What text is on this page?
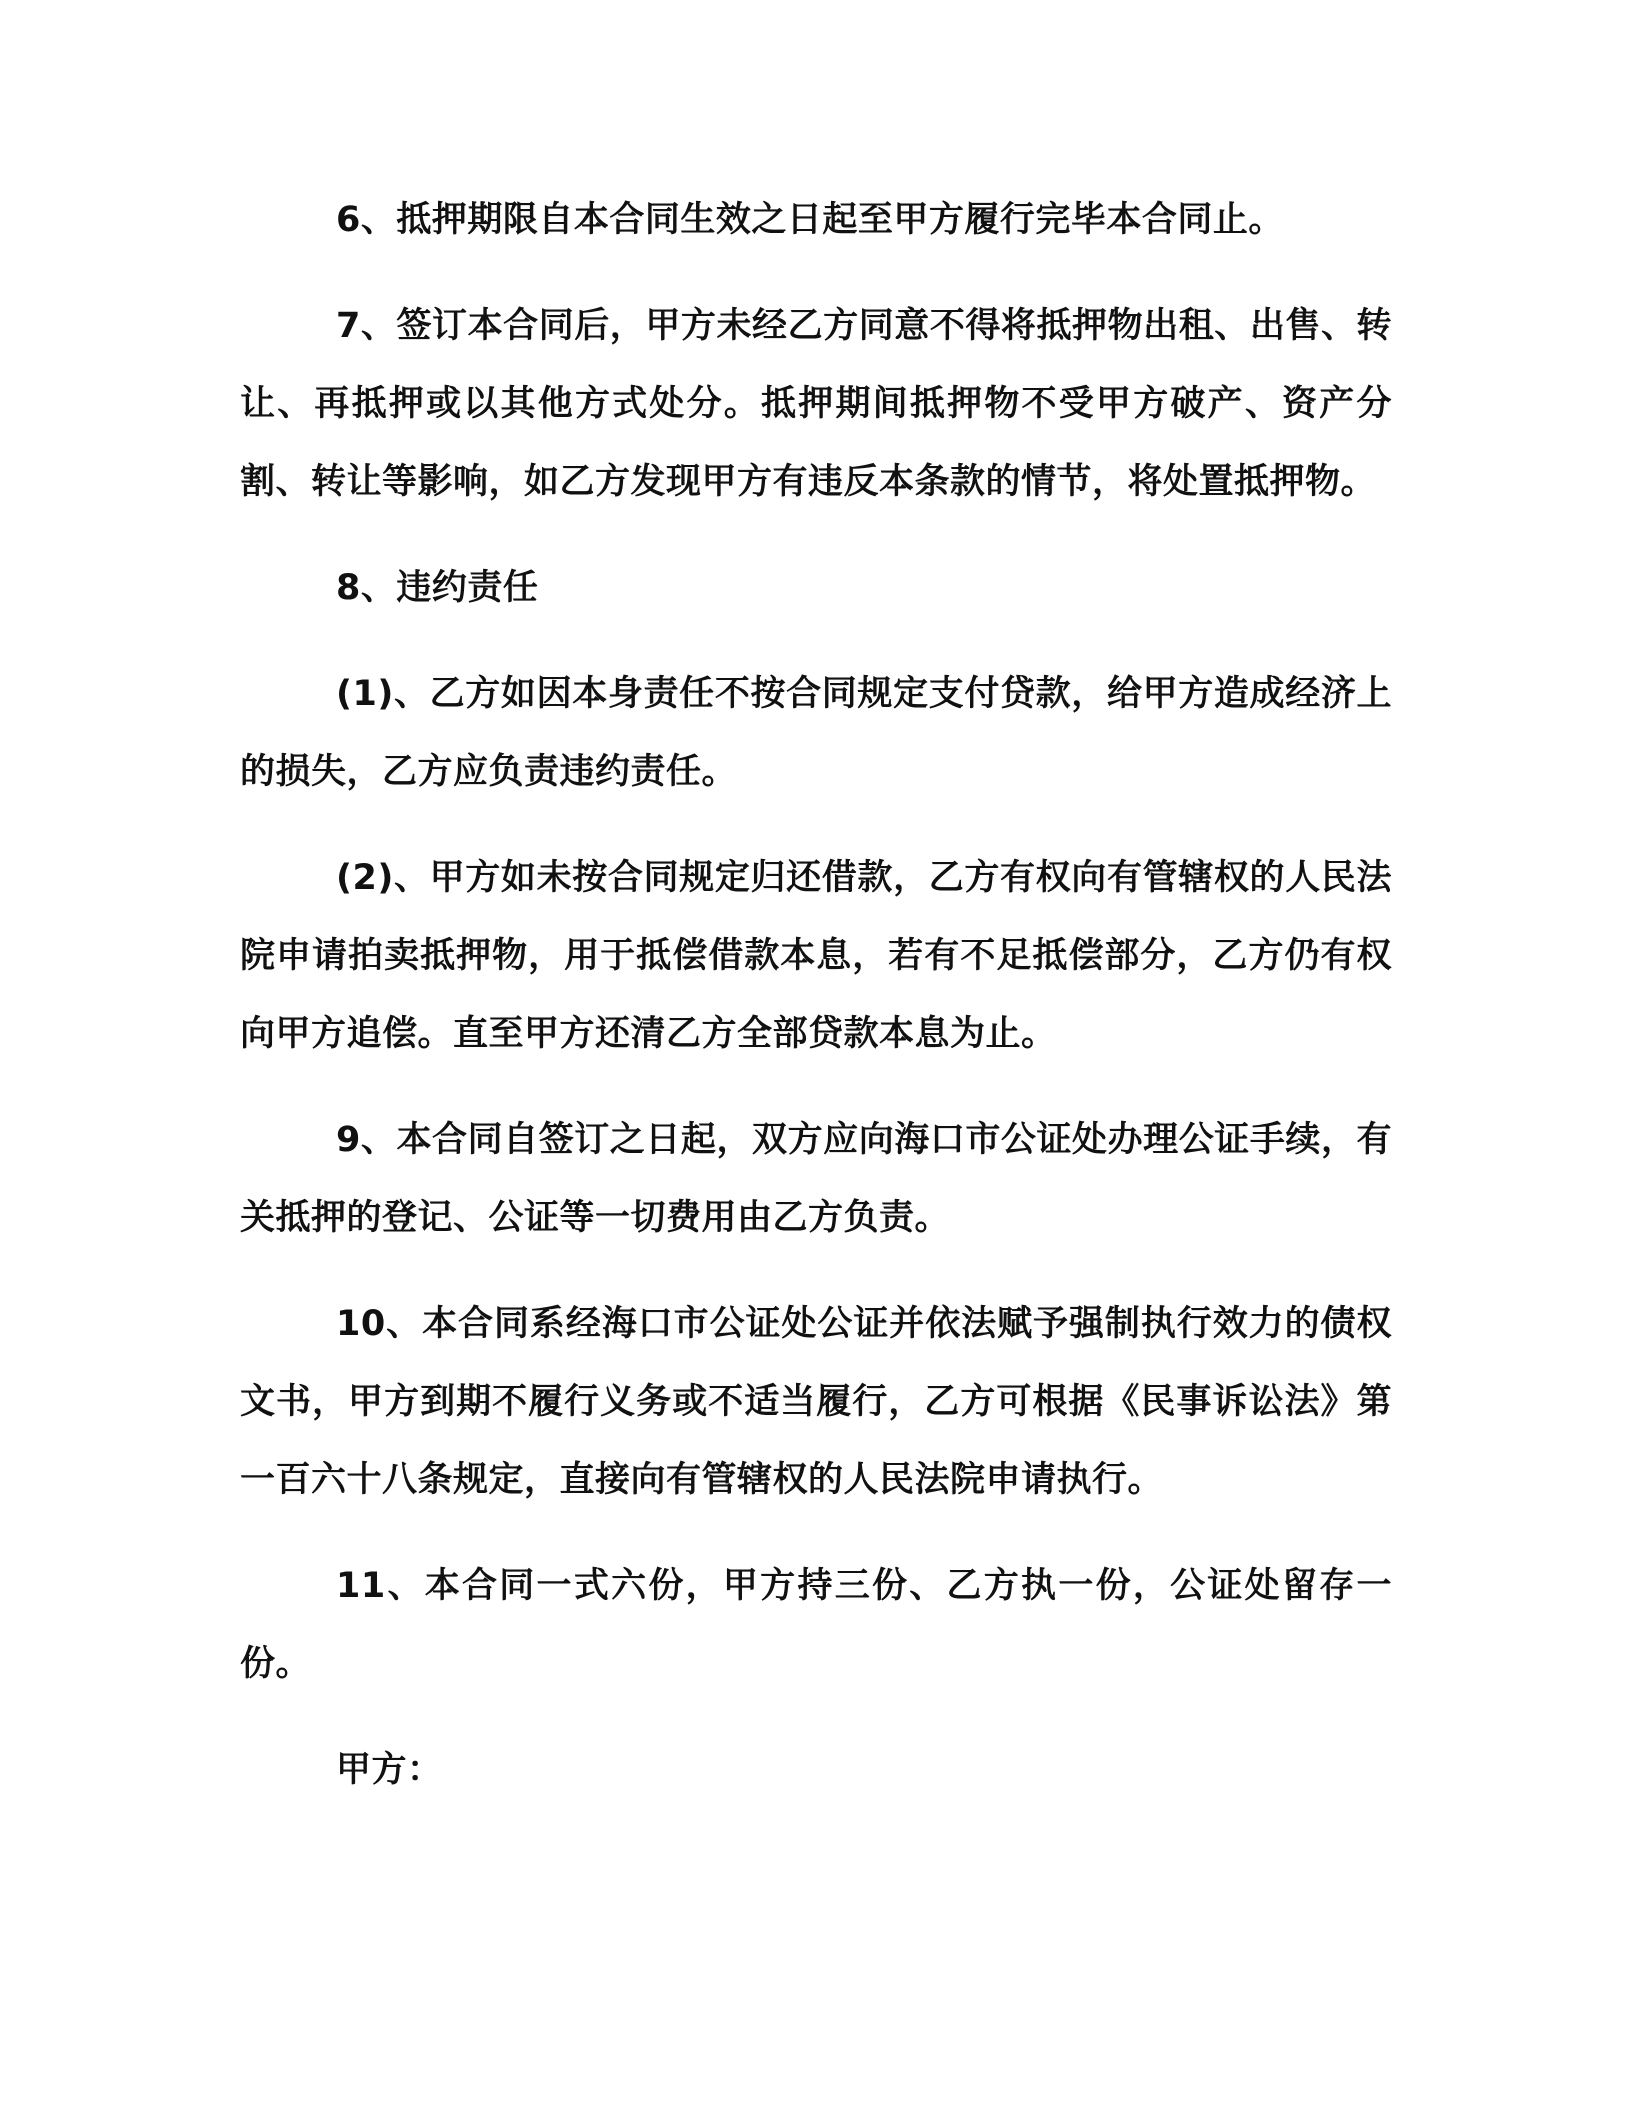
6、抵押期限自本合同生效之日起至甲方履行完毕本合同止。

7、签订本合同后，甲方未经乙方同意不得将抵押物出租、出售、转让、再抵押或以其他方式处分。抵押期间抵押物不受甲方破产、资产分割、转让等影响，如乙方发现甲方有违反本条款的情节，将处置抵押物。

8、违约责任

(1)、乙方如因本身责任不按合同规定支付贷款，给甲方造成经济上的损失，乙方应负责违约责任。

(2)、甲方如未按合同规定归还借款，乙方有权向有管辖权的人民法院申请拍卖抵押物，用于抵偿借款本息，若有不足抵偿部分，乙方仍有权向甲方追偿。直至甲方还清乙方全部贷款本息为止。

9、本合同自签订之日起，双方应向海口市公证处办理公证手续，有关抵押的登记、公证等一切费用由乙方负责。

10、本合同系经海口市公证处公证并依法赋予强制执行效力的债权文书，甲方到期不履行义务或不适当履行，乙方可根据《民事诉讼法》第一百六十八条规定，直接向有管辖权的人民法院申请执行。

11、本合同一式六份，甲方持三份、乙方执一份，公证处留存一份。

甲方：
